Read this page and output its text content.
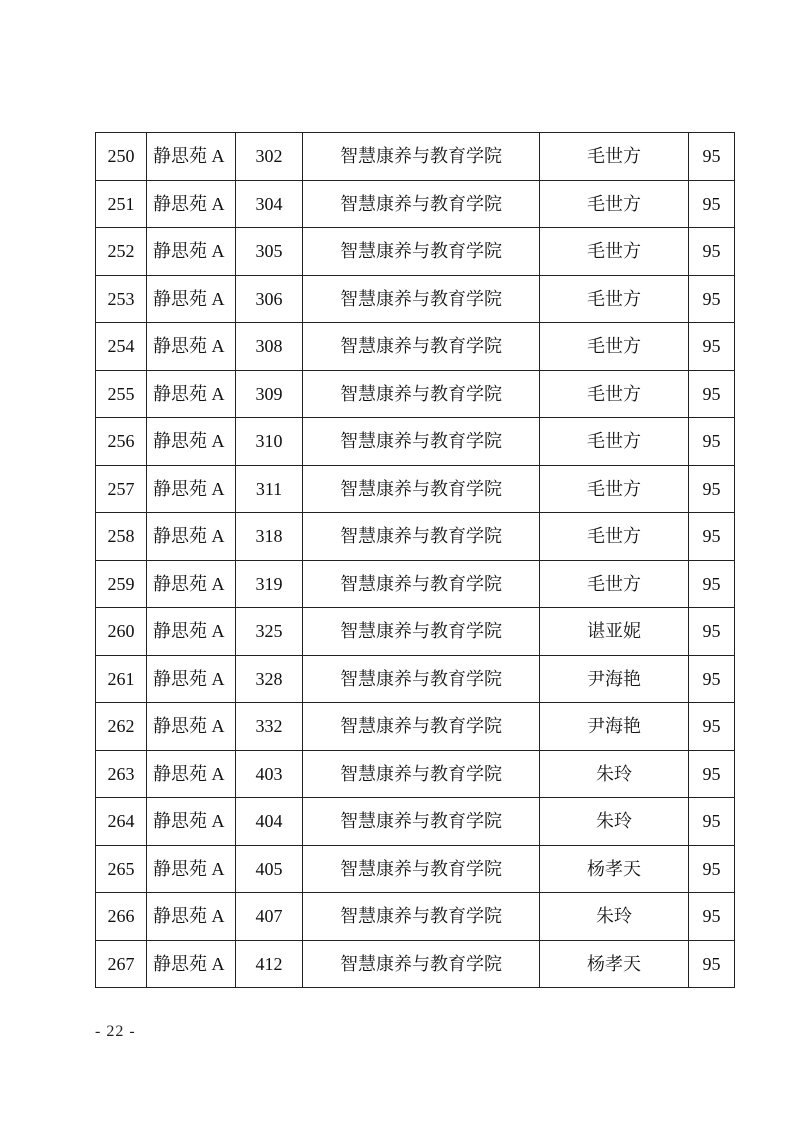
250	静思苑 A	302	智慧康养与教育学院	毛世方	95
251	静思苑 A	304	智慧康养与教育学院	毛世方	95
252	静思苑 A	305	智慧康养与教育学院	毛世方	95
253	静思苑 A	306	智慧康养与教育学院	毛世方	95
254	静思苑 A	308	智慧康养与教育学院	毛世方	95
255	静思苑 A	309	智慧康养与教育学院	毛世方	95
256	静思苑 A	310	智慧康养与教育学院	毛世方	95
257	静思苑 A	311	智慧康养与教育学院	毛世方	95
258	静思苑 A	318	智慧康养与教育学院	毛世方	95
259	静思苑 A	319	智慧康养与教育学院	毛世方	95
260	静思苑 A	325	智慧康养与教育学院	谌亚妮	95
261	静思苑 A	328	智慧康养与教育学院	尹海艳	95
262	静思苑 A	332	智慧康养与教育学院	尹海艳	95
263	静思苑 A	403	智慧康养与教育学院	朱玲	95
264	静思苑 A	404	智慧康养与教育学院	朱玲	95
265	静思苑 A	405	智慧康养与教育学院	杨孝天	95
266	静思苑 A	407	智慧康养与教育学院	朱玲	95
267	静思苑 A	412	智慧康养与教育学院	杨孝天	95
- 22 -
